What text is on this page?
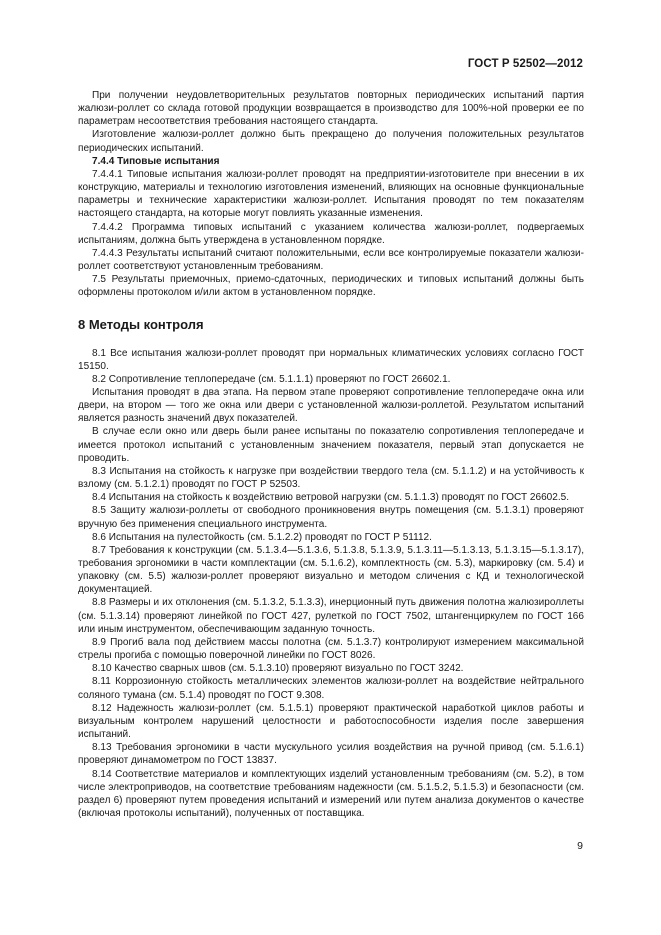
ГОСТ Р 52502—2012

При получении неудовлетворительных результатов повторных периодических испытаний партия жалюзи-роллет со склада готовой продукции возвращается в производство для 100%-ной проверки ее по параметрам несоответствия требования настоящего стандарта.

Изготовление жалюзи-роллет должно быть прекращено до получения положительных результатов периодических испытаний.

7.4.4 Типовые испытания

7.4.4.1 Типовые испытания жалюзи-роллет проводят на предприятии-изготовителе при внесении в их конструкцию, материалы и технологию изготовления изменений, влияющих на основные функциональные параметры и технические характеристики жалюзи-роллет. Испытания проводят по тем показателям настоящего стандарта, на которые могут повлиять указанные изменения.

7.4.4.2 Программа типовых испытаний с указанием количества жалюзи-роллет, подвергаемых испытаниям, должна быть утверждена в установленном порядке.

7.4.4.3 Результаты испытаний считают положительными, если все контролируемые показатели жалюзи-роллет соответствуют установленным требованиям.

7.5 Результаты приемочных, приемо-сдаточных, периодических и типовых испытаний должны быть оформлены протоколом и/или актом в установленном порядке.

8 Методы контроля

8.1 Все испытания жалюзи-роллет проводят при нормальных климатических условиях согласно ГОСТ 15150.

8.2 Сопротивление теплопередаче (см. 5.1.1.1) проверяют по ГОСТ 26602.1.

Испытания проводят в два этапа. На первом этапе проверяют сопротивление теплопередаче окна или двери, на втором — того же окна или двери с установленной жалюзи-роллетой. Результатом испытаний является разность значений двух показателей.

В случае если окно или дверь были ранее испытаны по показателю сопротивления теплопередаче и имеется протокол испытаний с установленным значением показателя, первый этап допускается не проводить.

8.3 Испытания на стойкость к нагрузке при воздействии твердого тела (см. 5.1.1.2) и на устойчивость к взлому (см. 5.1.2.1) проводят по ГОСТ Р 52503.

8.4 Испытания на стойкость к воздействию ветровой нагрузки (см. 5.1.1.3) проводят по ГОСТ 26602.5.

8.5 Защиту жалюзи-роллеты от свободного проникновения внутрь помещения (см. 5.1.3.1) проверяют вручную без применения специального инструмента.

8.6 Испытания на пулестойкость (см. 5.1.2.2) проводят по ГОСТ Р 51112.

8.7 Требования к конструкции (см. 5.1.3.4—5.1.3.6, 5.1.3.8, 5.1.3.9, 5.1.3.11—5.1.3.13, 5.1.3.15—5.1.3.17), требования эргономики в части комплектации (см. 5.1.6.2), комплектность (см. 5.3), маркировку (см. 5.4) и упаковку (см. 5.5) жалюзи-роллет проверяют визуально и методом сличения с КД и технологической документацией.

8.8 Размеры и их отклонения (см. 5.1.3.2, 5.1.3.3), инерционный путь движения полотна жалюзироллеты (см. 5.1.3.14) проверяют линейкой по ГОСТ 427, рулеткой по ГОСТ 7502, штангенциркулем по ГОСТ 166 или иным инструментом, обеспечивающим заданную точность.

8.9 Прогиб вала под действием массы полотна (см. 5.1.3.7) контролируют измерением максимальной стрелы прогиба с помощью поверочной линейки по ГОСТ 8026.

8.10 Качество сварных швов (см. 5.1.3.10) проверяют визуально по ГОСТ 3242.

8.11 Коррозионную стойкость металлических элементов жалюзи-роллет на воздействие нейтрального соляного тумана (см. 5.1.4) проводят по ГОСТ 9.308.

8.12 Надежность жалюзи-роллет (см. 5.1.5.1) проверяют практической наработкой циклов работы и визуальным контролем нарушений целостности и работоспособности изделия после завершения испытаний.

8.13 Требования эргономики в части мускульного усилия воздействия на ручной привод (см. 5.1.6.1) проверяют динамометром по ГОСТ 13837.

8.14 Соответствие материалов и комплектующих изделий установленным требованиям (см. 5.2), в том числе электроприводов, на соответствие требованиям надежности (см. 5.1.5.2, 5.1.5.3) и безопасности (см. раздел 6) проверяют путем проведения испытаний и измерений или путем анализа документов о качестве (включая протоколы испытаний), полученных от поставщика.

9
